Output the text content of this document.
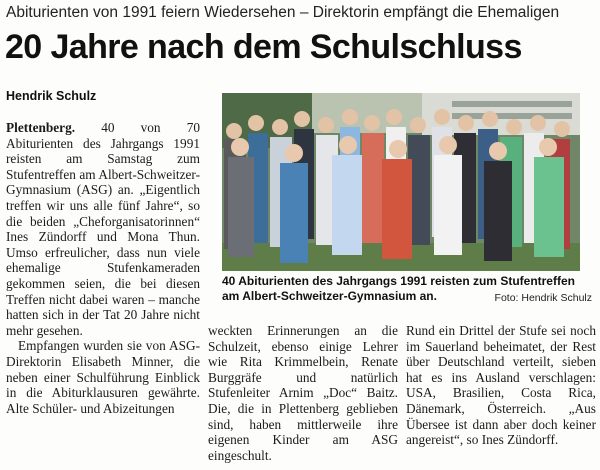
Abiturienten von 1991 feiern Wiedersehen – Direktorin empfängt die Ehemaligen
20 Jahre nach dem Schulschluss
Hendrik Schulz

Plettenberg. 40 von 70 Abiturienten des Jahrgangs 1991 reisten am Samstag zum Stufentreffen am Albert-Schweitzer-Gymnasium (ASG) an. „Eigentlich treffen wir uns alle fünf Jahre“, so die beiden „Cheforganisatorinnen“ Ines Zündorff und Mona Thun. Umso erfreulicher, dass nun viele ehemalige Stufenkameraden gekommen seien, die bei diesen Treffen nicht dabei waren – manche hatten sich in der Tat 20 Jahre nicht mehr gesehen.

Empfangen wurden sie von ASG-Direktorin Elisabeth Minner, die neben einer Schulführung Einblick in die Abiturklausuren gewährte. Alte Schüler- und Abizeitungen

40 Abiturienten des Jahrgangs 1991 reisten zum Stufentreffen am Albert-Schweitzer-Gymnasium an.	Foto: Hendrik Schulz

weckten Erinnerungen an die Schulzeit, ebenso einige Lehrer wie Rita Krimmelbein, Renate Burggräfe und natürlich Stufenleiter Arnim „Doc“ Baitz. Die, die in Plettenberg geblieben sind, haben mittlerweile ihre eigenen Kinder am ASG eingeschult.

Rund ein Drittel der Stufe sei noch im Sauerland beheimatet, der Rest über Deutschland verteilt, sieben hat es ins Ausland verschlagen: USA, Brasilien, Costa Rica, Dänemark, Österreich. „Aus Übersee ist dann aber doch keiner angereist“, so Ines Zündorff.
